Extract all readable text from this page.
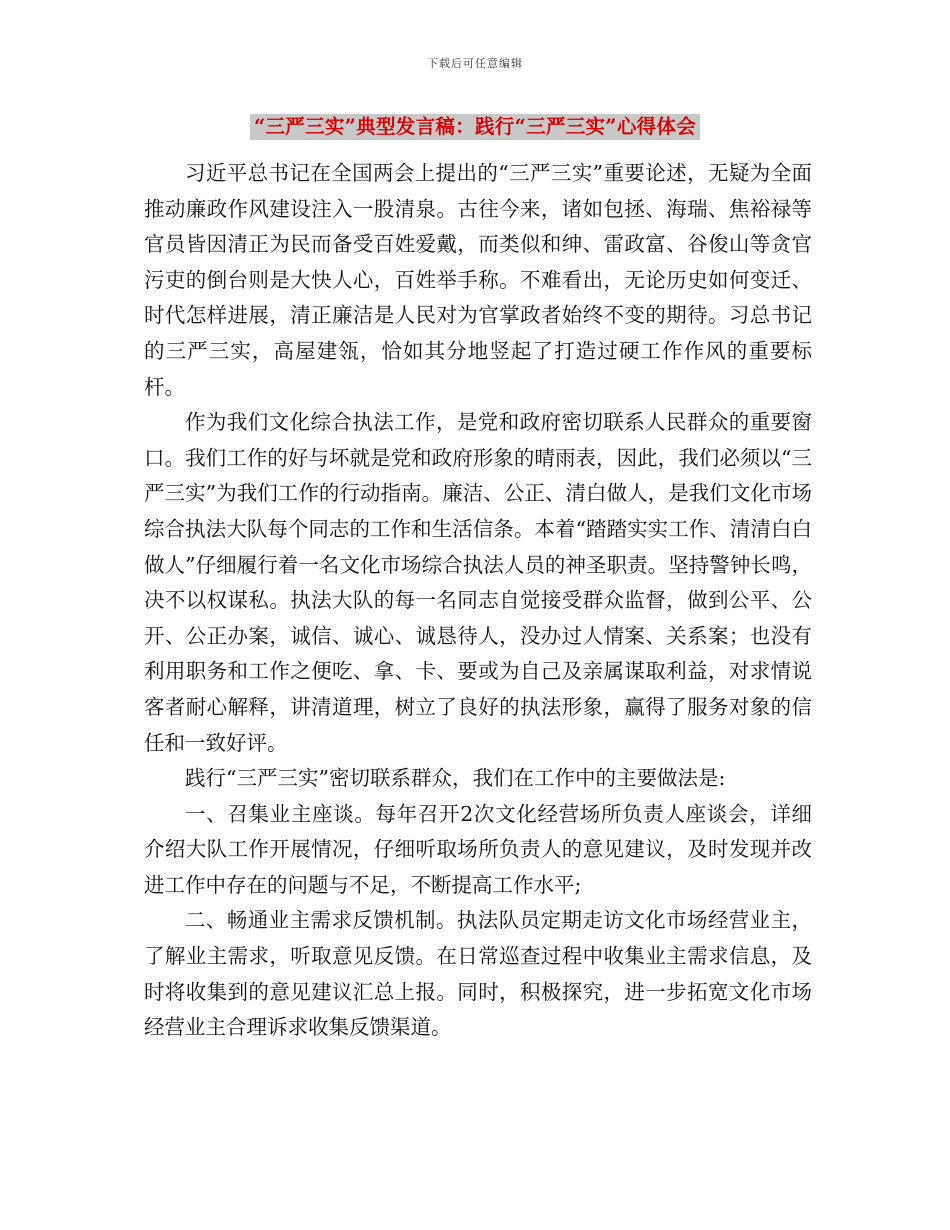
下载后可任意编辑
“三严三实”典型发言稿：践行“三严三实”心得体会

习近平总书记在全国两会上提出的“三严三实”重要论述，无疑为全面推动廉政作风建设注入一股清泉。古往今来，诸如包拯、海瑞、焦裕禄等官员皆因清正为民而备受百姓爱戴，而类似和绅、雷政富、谷俊山等贪官污吏的倒台则是大快人心，百姓举手称。不难看出，无论历史如何变迁、时代怎样进展，清正廉洁是人民对为官掌政者始终不变的期待。习总书记的三严三实，高屋建瓴，恰如其分地竖起了打造过硬工作作风的重要标杆。

作为我们文化综合执法工作，是党和政府密切联系人民群众的重要窗口。我们工作的好与坏就是党和政府形象的晴雨表，因此，我们必须以“三严三实”为我们工作的行动指南。廉洁、公正、清白做人，是我们文化市场综合执法大队每个同志的工作和生活信条。本着“踏踏实实工作、清清白白做人”仔细履行着一名文化市场综合执法人员的神圣职责。坚持警钟长鸣，决不以权谋私。执法大队的每一名同志自觉接受群众监督，做到公平、公开、公正办案，诚信、诚心、诚恳待人，没办过人情案、关系案；也没有利用职务和工作之便吃、拿、卡、要或为自己及亲属谋取利益，对求情说客者耐心解释，讲清道理，树立了良好的执法形象，赢得了服务对象的信任和一致好评。

践行“三严三实”密切联系群众，我们在工作中的主要做法是:

一、召集业主座谈。每年召开2次文化经营场所负责人座谈会，详细介绍大队工作开展情况，仔细听取场所负责人的意见建议，及时发现并改进工作中存在的问题与不足，不断提高工作水平;

二、畅通业主需求反馈机制。执法队员定期走访文化市场经营业主，了解业主需求，听取意见反馈。在日常巡查过程中收集业主需求信息，及时将收集到的意见建议汇总上报。同时，积极探究，进一步拓宽文化市场经营业主合理诉求收集反馈渠道。
